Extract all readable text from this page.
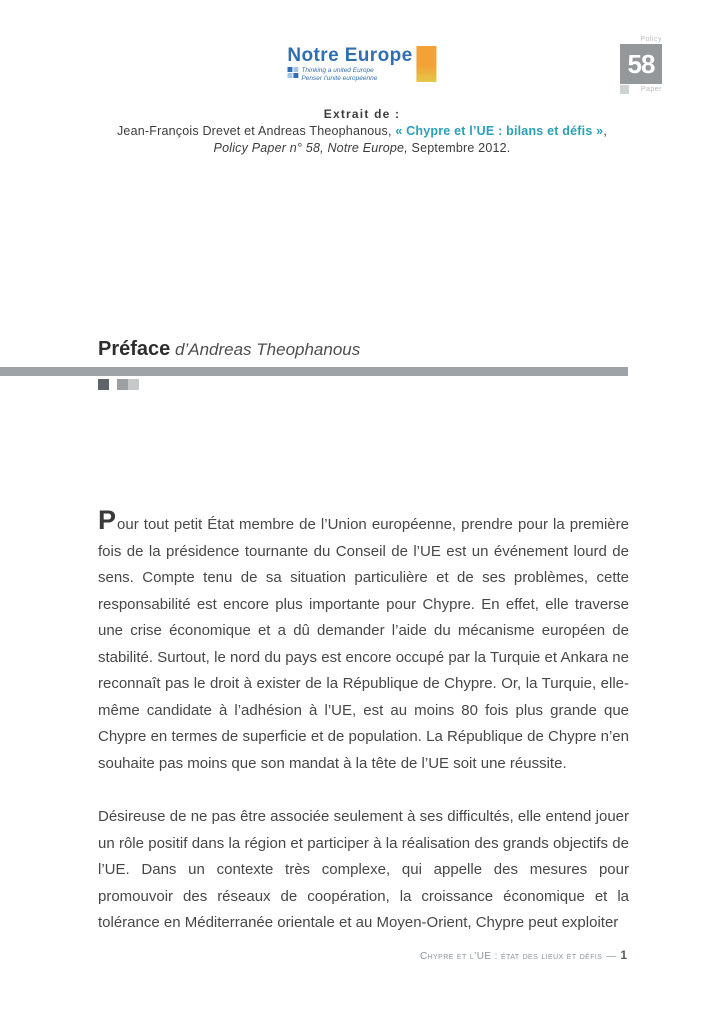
Notre Europe
Thinking a united Europe
Penser l’unité européenne
Policy
58
Paper
Extrait de :
Jean-François Drevet et Andreas Theophanous, « Chypre et l’UE : bilans et défis »,
Policy Paper n° 58, Notre Europe, Septembre 2012.
Préface d’Andreas Theophanous

Pour tout petit État membre de l’Union européenne, prendre pour la première fois de la présidence tournante du Conseil de l’UE est un événement lourd de sens. Compte tenu de sa situation particulière et de ses problèmes, cette responsabilité est encore plus importante pour Chypre. En effet, elle traverse une crise économique et a dû demander l’aide du mécanisme européen de stabilité. Surtout, le nord du pays est encore occupé par la Turquie et Ankara ne reconnaît pas le droit à exister de la République de Chypre. Or, la Turquie, elle-même candidate à l’adhésion à l’UE, est au moins 80 fois plus grande que Chypre en termes de superficie et de population. La République de Chypre n’en souhaite pas moins que son mandat à la tête de l’UE soit une réussite.

Désireuse de ne pas être associée seulement à ses difficultés, elle entend jouer un rôle positif dans la région et participer à la réalisation des grands objectifs de l’UE. Dans un contexte très complexe, qui appelle des mesures pour promouvoir des réseaux de coopération, la croissance économique et la tolérance en Méditerranée orientale et au Moyen-Orient, Chypre peut exploiter

Chypre et l’UE : état des lieux et défis — 1
